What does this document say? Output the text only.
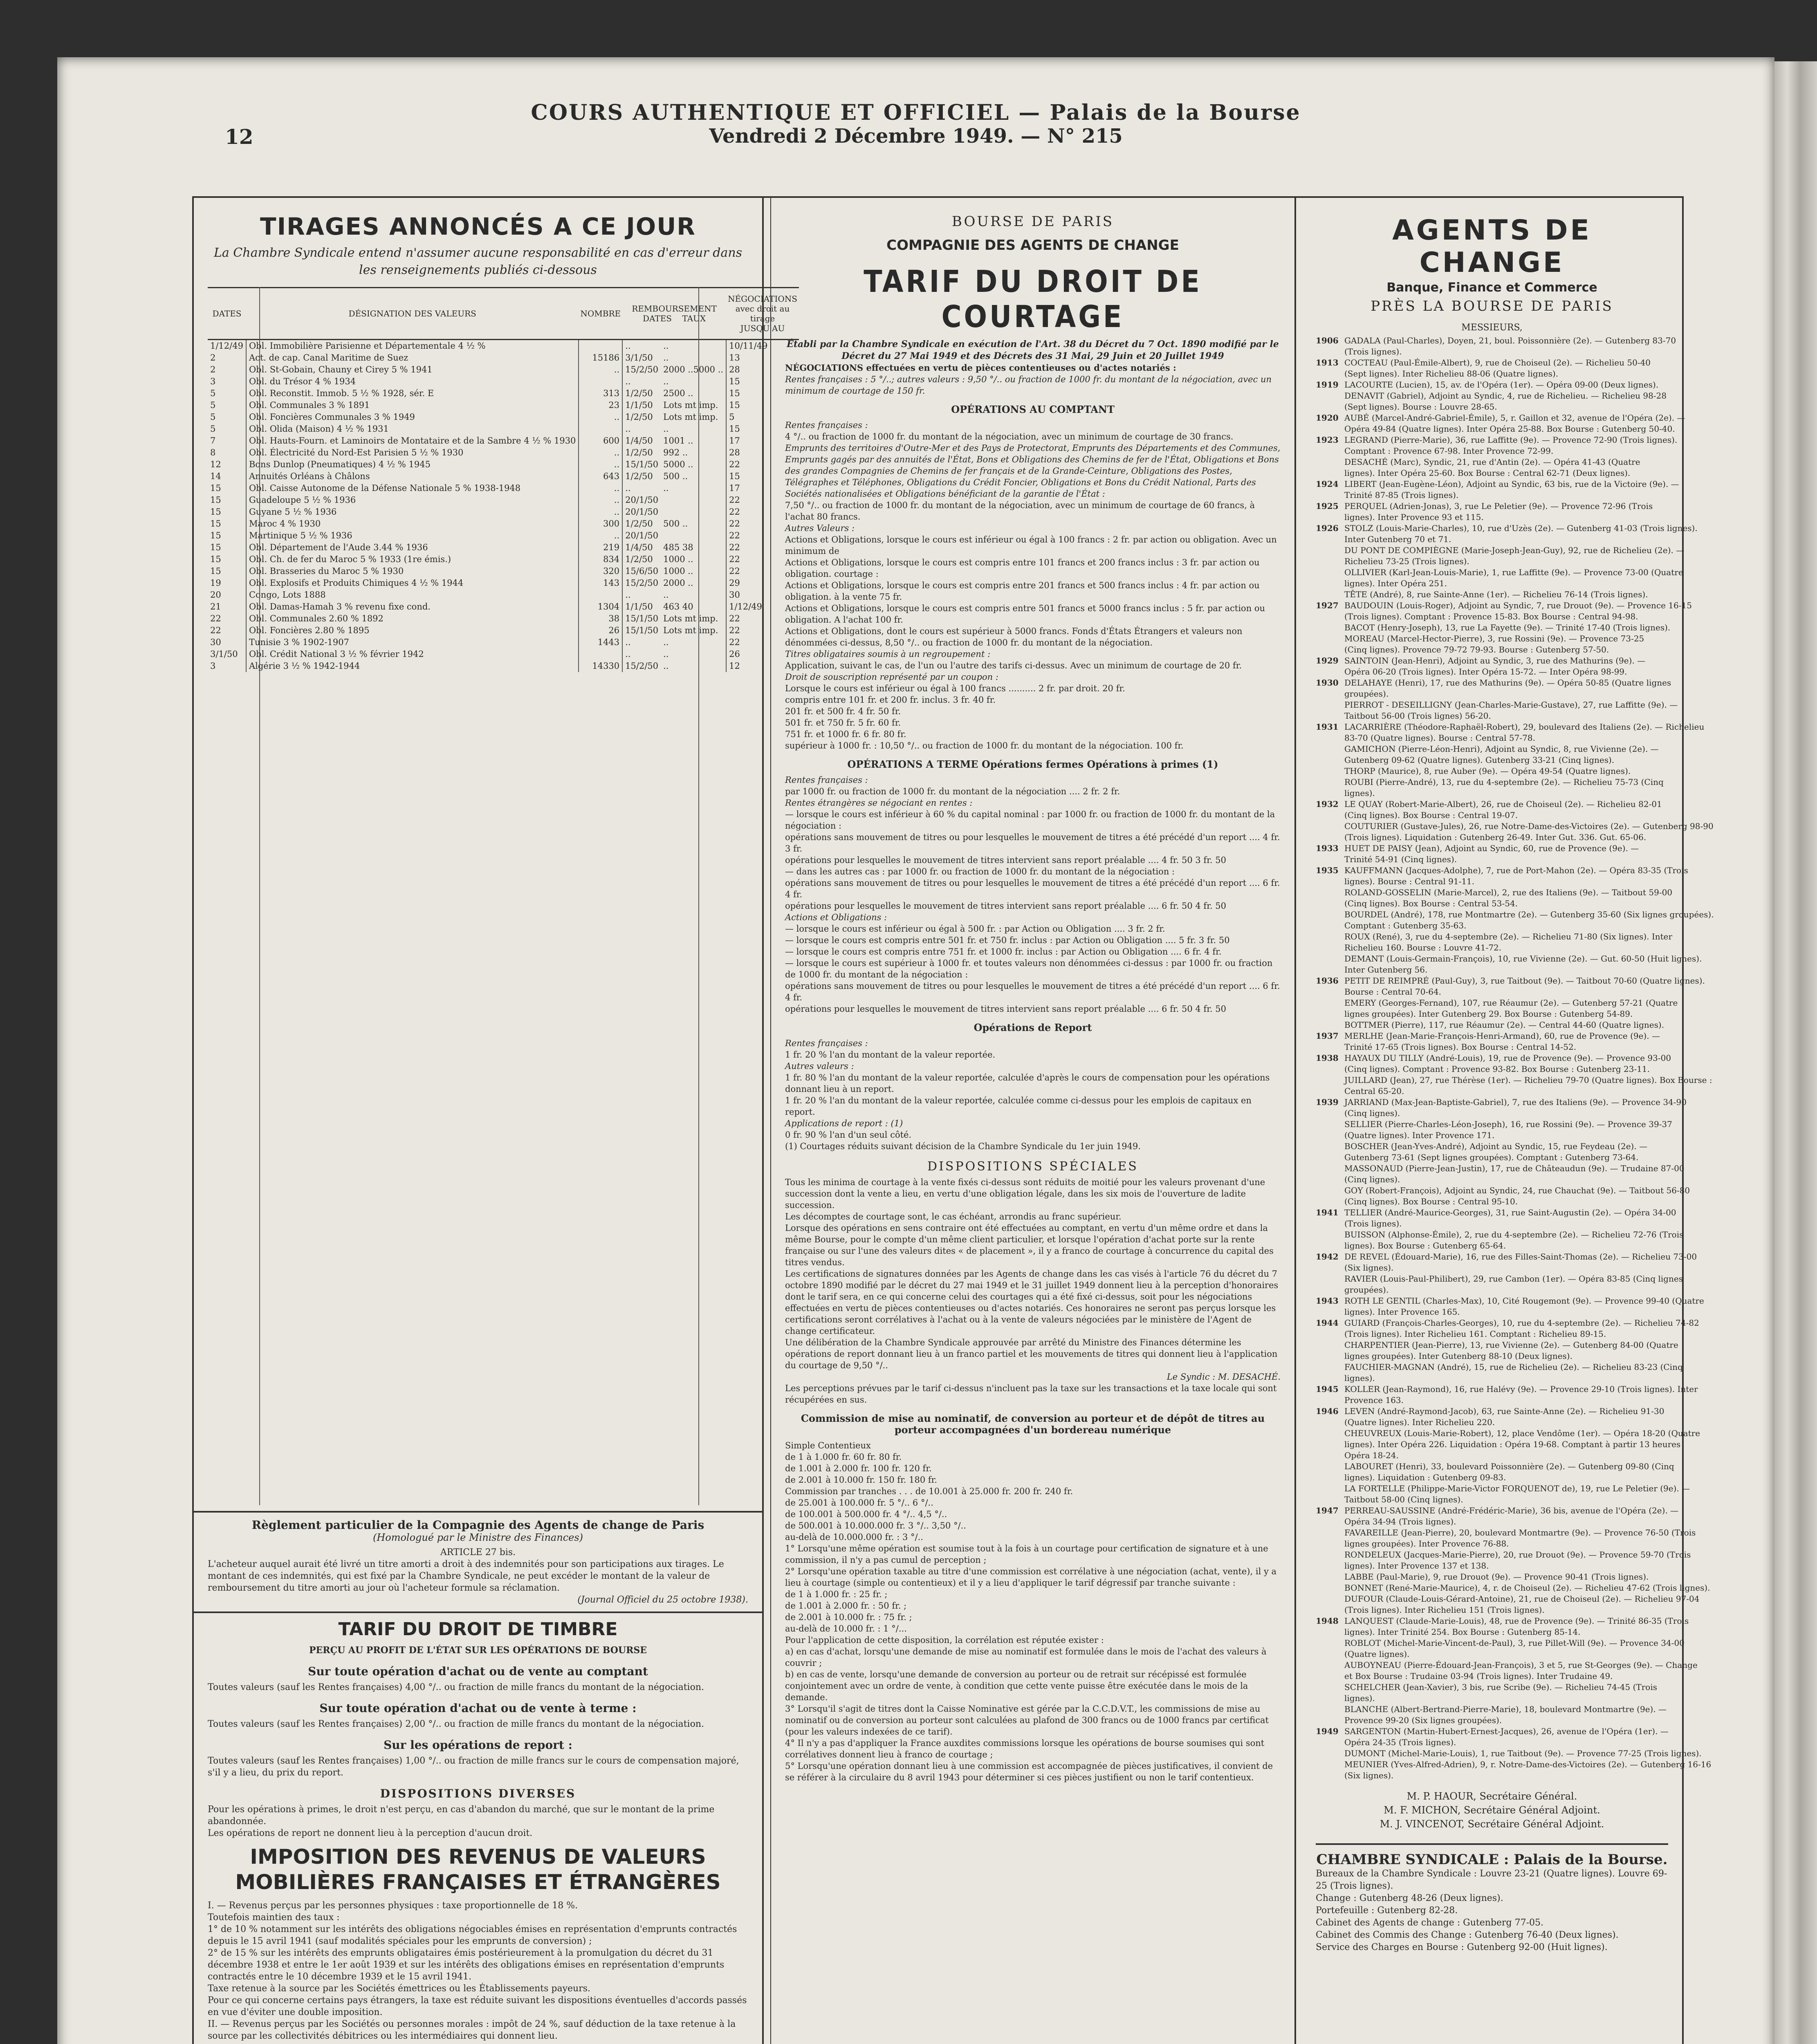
12
COURS AUTHENTIQUE ET OFFICIEL — Palais de la Bourse
Vendredi 2 Décembre 1949. — N° 215
TIRAGES ANNONCÉS A CE JOUR
La Chambre Syndicale entend n'assumer aucune responsabilité en cas d'erreur dans les renseignements publiés ci-dessous
DATES	DÉSIGNATION DES VALEURS	NOMBRE	REMBOURSEMENT
DATES TAUX		NÉGOCIATIONS avec droit au tirage JUSQU'AU
1/12/49	Obl. Immobilière Parisienne et Départementale 4 ½ %		..	..	10/11/49
2	Act. de cap. Canal Maritime de Suez	15186	3/1/50	..	13
2	Obl. St-Gobain, Chauny et Cirey 5 % 1941	..	15/2/50	2000 ..5000 ..	28
3	Obl. du Trésor 4 % 1934		..	..	15
5	Obl. Reconstit. Immob. 5 ½ % 1928, sér. E	313	1/2/50	2500 ..	15
5	Obl. Communales 3 % 1891	23	1/1/50	Lots mt imp.	15
5	Obl. Foncières Communales 3 % 1949	..	1/2/50	Lots mt imp.	5
5	Obl. Olida (Maison) 4 ½ % 1931		..	..	15
7	Obl. Hauts-Fourn. et Laminoirs de Montataire et de la Sambre 4 ½ % 1930	600	1/4/50	1001 ..	17
8	Obl. Électricité du Nord-Est Parisien 5 ½ % 1930	..	1/2/50	992 ..	28
12	Bons Dunlop (Pneumatiques) 4 ½ % 1945	..	15/1/50	5000 ..	22
14	Annuités Orléans à Châlons	643	1/2/50	500 ..	15
15	Obl. Caisse Autonome de la Défense Nationale 5 % 1938-1948	..	..	..	17
15	Guadeloupe 5 ½ % 1936	..	20/1/50		22
15	Guyane 5 ½ % 1936	..	20/1/50		22
15	Maroc 4 % 1930	300	1/2/50	500 ..	22
15	Martinique 5 ½ % 1936	..	20/1/50		22
15	Obl. Département de l'Aude 3.44 % 1936	219	1/4/50	485 38	22
15	Obl. Ch. de fer du Maroc 5 % 1933 (1re émis.)	834	1/2/50	1000 ..	22
15	Obl. Brasseries du Maroc 5 % 1930	320	15/6/50	1000 ..	22
19	Obl. Explosifs et Produits Chimiques 4 ½ % 1944	143	15/2/50	2000 ..	29
20	Congo, Lots 1888		..	..	30
21	Obl. Damas-Hamah 3 % revenu fixe cond.	1304	1/1/50	463 40	1/12/49
22	Obl. Communales 2.60 % 1892	38	15/1/50	Lots mt imp.	22
22	Obl. Foncières 2.80 % 1895	26	15/1/50	Lots mt imp.	22
30	Tunisie 3 % 1902-1907	1443	..	..	22
3/1/50	Obl. Crédit National 3 ½ % février 1942		..	..	26
3	Algérie 3 ½ % 1942-1944	14330	15/2/50	..	12
Règlement particulier de la Compagnie des Agents de change de Paris
(Homologué par le Ministre des Finances)
ARTICLE 27 bis.
L'acheteur auquel aurait été livré un titre amorti a droit à des indemnités pour son participations aux tirages. Le montant de ces indemnités, qui est fixé par la Chambre Syndicale, ne peut excéder le montant de la valeur de remboursement du titre amorti au jour où l'acheteur formule sa réclamation.
(Journal Officiel du 25 octobre 1938).
TARIF DU DROIT DE TIMBRE
PERÇU AU PROFIT DE L'ÉTAT SUR LES OPÉRATIONS DE BOURSE
Sur toute opération d'achat ou de vente au comptant
Toutes valeurs (sauf les Rentes françaises) 4,00 °/.. ou fraction de mille francs du montant de la négociation.
Sur toute opération d'achat ou de vente à terme :
Toutes valeurs (sauf les Rentes françaises) 2,00 °/.. ou fraction de mille francs du montant de la négociation.
Sur les opérations de report :
Toutes valeurs (sauf les Rentes françaises) 1,00 °/.. ou fraction de mille francs sur le cours de compensation majoré, s'il y a lieu, du prix du report.
DISPOSITIONS DIVERSES
Pour les opérations à primes, le droit n'est perçu, en cas d'abandon du marché, que sur le montant de la prime abandonnée.
Les opérations de report ne donnent lieu à la perception d'aucun droit.
IMPOSITION DES REVENUS DE VALEURS MOBILIÈRES FRANÇAISES ET ÉTRANGÈRES
I. — Revenus perçus par les personnes physiques : taxe proportionnelle de 18 %.
Toutefois maintien des taux :
1° de 10 % notamment sur les intérêts des obligations négociables émises en représentation d'emprunts contractés depuis le 15 avril 1941 (sauf modalités spéciales pour les emprunts de conversion) ;
2° de 15 % sur les intérêts des emprunts obligataires émis postérieurement à la promulgation du décret du 31 décembre 1938 et entre le 1er août 1939 et sur les intérêts des obligations émises en représentation d'emprunts contractés entre le 10 décembre 1939 et le 15 avril 1941.
Taxe retenue à la source par les Sociétés émettrices ou les Établissements payeurs.
Pour ce qui concerne certains pays étrangers, la taxe est réduite suivant les dispositions éventuelles d'accords passés en vue d'éviter une double imposition.
II. — Revenus perçus par les Sociétés ou personnes morales : impôt de 24 %, sauf déduction de la taxe retenue à la source par les collectivités débitrices ou les intermédiaires qui donnent lieu.
BOURSE DE PARIS
COMPAGNIE DES AGENTS DE CHANGE
TARIF DU DROIT DE COURTAGE
Établi par la Chambre Syndicale en exécution de l'Art. 38 du Décret du 7 Oct. 1890 modifié par le Décret du 27 Mai 1949 et des Décrets des 31 Mai, 29 Juin et 20 Juillet 1949

NÉGOCIATIONS effectuées en vertu de pièces contentieuses ou d'actes notariés :

Rentes françaises : 5 °/..; autres valeurs : 9,50 °/.. ou fraction de 1000 fr. du montant de la négociation, avec un minimum de courtage de 150 fr.

OPÉRATIONS AU COMPTANT

Rentes françaises :

4 °/.. ou fraction de 1000 fr. du montant de la négociation, avec un minimum de courtage de 30 francs.

Emprunts des territoires d'Outre-Mer et des Pays de Protectorat, Emprunts des Départements et des Communes, Emprunts gagés par des annuités de l'État, Bons et Obligations des Chemins de fer de l'État, Obligations et Bons des grandes Compagnies de Chemins de fer français et de la Grande-Ceinture, Obligations des Postes, Télégraphes et Téléphones, Obligations du Crédit Foncier, Obligations et Bons du Crédit National, Parts des Sociétés nationalisées et Obligations bénéficiant de la garantie de l'État :

7,50 °/.. ou fraction de 1000 fr. du montant de la négociation, avec un minimum de courtage de 60 francs, à l'achat 80 francs.

Autres Valeurs :

Actions et Obligations, lorsque le cours est inférieur ou égal à 100 francs : 2 fr. par action ou obligation. Avec un minimum de

Actions et Obligations, lorsque le cours est compris entre 101 francs et 200 francs inclus : 3 fr. par action ou obligation. courtage :

Actions et Obligations, lorsque le cours est compris entre 201 francs et 500 francs inclus : 4 fr. par action ou obligation. à la vente 75 fr.

Actions et Obligations, lorsque le cours est compris entre 501 francs et 5000 francs inclus : 5 fr. par action ou obligation. A l'achat 100 fr.

Actions et Obligations, dont le cours est supérieur à 5000 francs. Fonds d'États Étrangers et valeurs non dénommées ci-dessus, 8,50 °/.. ou fraction de 1000 fr. du montant de la négociation.

Titres obligataires soumis à un regroupement :

Application, suivant le cas, de l'un ou l'autre des tarifs ci-dessus. Avec un minimum de courtage de 20 fr.

Droit de souscription représenté par un coupon :

Lorsque le cours est inférieur ou égal à 100 francs .......... 2 fr. par droit. 20 fr.

compris entre 101 fr. et 200 fr. inclus. 3 fr. 40 fr.

201 fr. et 500 fr. 4 fr. 50 fr.

501 fr. et 750 fr. 5 fr. 60 fr.

751 fr. et 1000 fr. 6 fr. 80 fr.

supérieur à 1000 fr. : 10,50 °/.. ou fraction de 1000 fr. du montant de la négociation. 100 fr.

OPÉRATIONS A TERME Opérations fermes Opérations à primes (1)

Rentes françaises :

par 1000 fr. ou fraction de 1000 fr. du montant de la négociation .... 2 fr. 2 fr.

Rentes étrangères se négociant en rentes :

— lorsque le cours est inférieur à 60 % du capital nominal : par 1000 fr. ou fraction de 1000 fr. du montant de la négociation :

opérations sans mouvement de titres ou pour lesquelles le mouvement de titres a été précédé d'un report .... 4 fr. 3 fr.

opérations pour lesquelles le mouvement de titres intervient sans report préalable .... 4 fr. 50 3 fr. 50

— dans les autres cas : par 1000 fr. ou fraction de 1000 fr. du montant de la négociation :

opérations sans mouvement de titres ou pour lesquelles le mouvement de titres a été précédé d'un report .... 6 fr. 4 fr.

opérations pour lesquelles le mouvement de titres intervient sans report préalable .... 6 fr. 50 4 fr. 50

Actions et Obligations :

— lorsque le cours est inférieur ou égal à 500 fr. : par Action ou Obligation .... 3 fr. 2 fr.

— lorsque le cours est compris entre 501 fr. et 750 fr. inclus : par Action ou Obligation .... 5 fr. 3 fr. 50

— lorsque le cours est compris entre 751 fr. et 1000 fr. inclus : par Action ou Obligation .... 6 fr. 4 fr.

— lorsque le cours est supérieur à 1000 fr. et toutes valeurs non dénommées ci-dessus : par 1000 fr. ou fraction de 1000 fr. du montant de la négociation :

opérations sans mouvement de titres ou pour lesquelles le mouvement de titres a été précédé d'un report .... 6 fr. 4 fr.

opérations pour lesquelles le mouvement de titres intervient sans report préalable .... 6 fr. 50 4 fr. 50

Opérations de Report

Rentes françaises :

1 fr. 20 % l'an du montant de la valeur reportée.

Autres valeurs :

1 fr. 80 % l'an du montant de la valeur reportée, calculée d'après le cours de compensation pour les opérations donnant lieu à un report.

1 fr. 20 % l'an du montant de la valeur reportée, calculée comme ci-dessus pour les emplois de capitaux en report.

Applications de report : (1)

0 fr. 90 % l'an d'un seul côté.

(1) Courtages réduits suivant décision de la Chambre Syndicale du 1er juin 1949.

DISPOSITIONS SPÉCIALES

Tous les minima de courtage à la vente fixés ci-dessus sont réduits de moitié pour les valeurs provenant d'une succession dont la vente a lieu, en vertu d'une obligation légale, dans les six mois de l'ouverture de ladite succession.

Les décomptes de courtage sont, le cas échéant, arrondis au franc supérieur.

Lorsque des opérations en sens contraire ont été effectuées au comptant, en vertu d'un même ordre et dans la même Bourse, pour le compte d'un même client particulier, et lorsque l'opération d'achat porte sur la rente française ou sur l'une des valeurs dites « de placement », il y a franco de courtage à concurrence du capital des titres vendus.

Les certifications de signatures données par les Agents de change dans les cas visés à l'article 76 du décret du 7 octobre 1890 modifié par le décret du 27 mai 1949 et le 31 juillet 1949 donnent lieu à la perception d'honoraires dont le tarif sera, en ce qui concerne celui des courtages qui a été fixé ci-dessus, soit pour les négociations effectuées en vertu de pièces contentieuses ou d'actes notariés. Ces honoraires ne seront pas perçus lorsque les certifications seront corrélatives à l'achat ou à la vente de valeurs négociées par le ministère de l'Agent de change certificateur.

Une délibération de la Chambre Syndicale approuvée par arrêté du Ministre des Finances détermine les opérations de report donnant lieu à un franco partiel et les mouvements de titres qui donnent lieu à l'application du courtage de 9,50 °/..

Le Syndic : M. DESACHÉ.

Les perceptions prévues par le tarif ci-dessus n'incluent pas la taxe sur les transactions et la taxe locale qui sont récupérées en sus.

Commission de mise au nominatif, de conversion au porteur et de dépôt de titres au porteur accompagnées d'un bordereau numérique

Simple Contentieux

de 1 à 1.000 fr. 60 fr. 80 fr.

de 1.001 à 2.000 fr. 100 fr. 120 fr.

de 2.001 à 10.000 fr. 150 fr. 180 fr.

Commission par tranches . . . de 10.001 à 25.000 fr. 200 fr. 240 fr.

de 25.001 à 100.000 fr. 5 °/.. 6 °/..

de 100.001 à 500.000 fr. 4 °/.. 4,5 °/..

de 500.001 à 10.000.000 fr. 3 °/.. 3,50 °/..

au-delà de 10.000.000 fr. : 3 °/..

1° Lorsqu'une même opération est soumise tout à la fois à un courtage pour certification de signature et à une commission, il n'y a pas cumul de perception ;

2° Lorsqu'une opération taxable au titre d'une commission est corrélative à une négociation (achat, vente), il y a lieu à courtage (simple ou contentieux) et il y a lieu d'appliquer le tarif dégressif par tranche suivante :

de 1 à 1.000 fr. : 25 fr. ;

de 1.001 à 2.000 fr. : 50 fr. ;

de 2.001 à 10.000 fr. : 75 fr. ;

au-delà de 10.000 fr. : 1 °/...

Pour l'application de cette disposition, la corrélation est réputée exister :

a) en cas d'achat, lorsqu'une demande de mise au nominatif est formulée dans le mois de l'achat des valeurs à couvrir ;

b) en cas de vente, lorsqu'une demande de conversion au porteur ou de retrait sur récépissé est formulée conjointement avec un ordre de vente, à condition que cette vente puisse être exécutée dans le mois de la demande.

3° Lorsqu'il s'agit de titres dont la Caisse Nominative est gérée par la C.C.D.V.T., les commissions de mise au nominatif ou de conversion au porteur sont calculées au plafond de 300 francs ou de 1000 francs par certificat (pour les valeurs indexées de ce tarif).

4° Il n'y a pas d'appliquer la France auxdites commissions lorsque les opérations de bourse soumises qui sont corrélatives donnent lieu à franco de courtage ;

5° Lorsqu'une opération donnant lieu à une commission est accompagnée de pièces justificatives, il convient de se référer à la circulaire du 8 avril 1943 pour déterminer si ces pièces justifient ou non le tarif contentieux.

AGENTS DE CHANGE
Banque, Finance et Commerce
PRÈS LA BOURSE DE PARIS
MESSIEURS,
1906 GADALA (Paul-Charles), Doyen, 21, boul. Poissonnière (2e). — Gutenberg 83-70
(Trois lignes).
1913 COCTEAU (Paul-Émile-Albert), 9, rue de Choiseul (2e). — Richelieu 50-40
(Sept lignes). Inter Richelieu 88-06 (Quatre lignes).
1919 LACOURTE (Lucien), 15, av. de l'Opéra (1er). — Opéra 09-00 (Deux lignes).
DENAVIT (Gabriel), Adjoint au Syndic, 4, rue de Richelieu. — Richelieu 98-28
(Sept lignes). Bourse : Louvre 28-65.
1920 AUBÉ (Marcel-André-Gabriel-Émile), 5, r. Gaillon et 32, avenue de l'Opéra (2e). —
Opéra 49-84 (Quatre lignes). Inter Opéra 25-88. Box Bourse : Gutenberg 50-40.
1923 LEGRAND (Pierre-Marie), 36, rue Laffitte (9e). — Provence 72-90 (Trois lignes).
Comptant : Provence 67-98. Inter Provence 72-99.
DESACHÉ (Marc), Syndic, 21, rue d'Antin (2e). — Opéra 41-43 (Quatre
lignes). Inter Opéra 25-60. Box Bourse : Central 62-71 (Deux lignes).
1924 LIBERT (Jean-Eugène-Léon), Adjoint au Syndic, 63 bis, rue de la Victoire (9e). —
Trinité 87-85 (Trois lignes).
1925 PERQUEL (Adrien-Jonas), 3, rue Le Peletier (9e). — Provence 72-96 (Trois
lignes). Inter Provence 93 et 115.
1926 STOLZ (Louis-Marie-Charles), 10, rue d'Uzès (2e). — Gutenberg 41-03 (Trois lignes).
Inter Gutenberg 70 et 71.
DU PONT DE COMPIÈGNE (Marie-Joseph-Jean-Guy), 92, rue de Richelieu (2e). —
Richelieu 73-25 (Trois lignes).
OLLIVIER (Karl-Jean-Louis-Marie), 1, rue Laffitte (9e). — Provence 73-00 (Quatre
lignes). Inter Opéra 251.
TÊTE (André), 8, rue Sainte-Anne (1er). — Richelieu 76-14 (Trois lignes).
1927 BAUDOUIN (Louis-Roger), Adjoint au Syndic, 7, rue Drouot (9e). — Provence 16-15
(Trois lignes). Comptant : Provence 15-83. Box Bourse : Central 94-98.
BACOT (Henry-Joseph), 13, rue La Fayette (9e). — Trinité 17-40 (Trois lignes).
MOREAU (Marcel-Hector-Pierre), 3, rue Rossini (9e). — Provence 73-25
(Cinq lignes). Provence 79-72 79-93. Bourse : Gutenberg 57-50.
1929 SAINTOIN (Jean-Henri), Adjoint au Syndic, 3, rue des Mathurins (9e). —
Opéra 06-20 (Trois lignes). Inter Opéra 15-72. — Inter Opéra 98-99.
1930 DELAHAYE (Henri), 17, rue des Mathurins (9e). — Opéra 50-85 (Quatre lignes
groupées).
PIERROT - DESEILLIGNY (Jean-Charles-Marie-Gustave), 27, rue Laffitte (9e). —
Taitbout 56-00 (Trois lignes) 56-20.
1931 LACARRIÈRE (Théodore-Raphaël-Robert), 29, boulevard des Italiens (2e). — Richelieu
83-70 (Quatre lignes). Bourse : Central 57-78.
GAMICHON (Pierre-Léon-Henri), Adjoint au Syndic, 8, rue Vivienne (2e). —
Gutenberg 09-62 (Quatre lignes). Gutenberg 33-21 (Cinq lignes).
THORP (Maurice), 8, rue Auber (9e). — Opéra 49-54 (Quatre lignes).
ROUBI (Pierre-André), 13, rue du 4-septembre (2e). — Richelieu 75-73 (Cinq
lignes).
1932 LE QUAY (Robert-Marie-Albert), 26, rue de Choiseul (2e). — Richelieu 82-01
(Cinq lignes). Box Bourse : Central 19-07.
COUTURIER (Gustave-Jules), 26, rue Notre-Dame-des-Victoires (2e). — Gutenberg 98-90
(Trois lignes). Liquidation : Gutenberg 26-49. Inter Gut. 336. Gut. 65-06.
1933 HUET DE PAISY (Jean), Adjoint au Syndic, 60, rue de Provence (9e). —
Trinité 54-91 (Cinq lignes).
1935 KAUFFMANN (Jacques-Adolphe), 7, rue de Port-Mahon (2e). — Opéra 83-35 (Trois
lignes). Bourse : Central 91-11.
ROLAND-GOSSELIN (Marie-Marcel), 2, rue des Italiens (9e). — Taitbout 59-00
(Cinq lignes). Box Bourse : Central 53-54.
BOURDEL (André), 178, rue Montmartre (2e). — Gutenberg 35-60 (Six lignes groupées).
Comptant : Gutenberg 35-63.
ROUX (René), 3, rue du 4-septembre (2e). — Richelieu 71-80 (Six lignes). Inter
Richelieu 160. Bourse : Louvre 41-72.
DEMANT (Louis-Germain-François), 10, rue Vivienne (2e). — Gut. 60-50 (Huit lignes).
Inter Gutenberg 56.
1936 PETIT DE REIMPRÉ (Paul-Guy), 3, rue Taitbout (9e). — Taitbout 70-60 (Quatre lignes).
Bourse : Central 70-64.
EMERY (Georges-Fernand), 107, rue Réaumur (2e). — Gutenberg 57-21 (Quatre
lignes groupées). Inter Gutenberg 29. Box Bourse : Gutenberg 54-89.
BOTTMER (Pierre), 117, rue Réaumur (2e). — Central 44-60 (Quatre lignes).
1937 MERLHE (Jean-Marie-François-Henri-Armand), 60, rue de Provence (9e). —
Trinité 17-65 (Trois lignes). Box Bourse : Central 14-52.
1938 HAYAUX DU TILLY (André-Louis), 19, rue de Provence (9e). — Provence 93-00
(Cinq lignes). Comptant : Provence 93-82. Box Bourse : Gutenberg 23-11.
JUILLARD (Jean), 27, rue Thérèse (1er). — Richelieu 79-70 (Quatre lignes). Box Bourse :
Central 65-20.
1939 JARRIAND (Max-Jean-Baptiste-Gabriel), 7, rue des Italiens (9e). — Provence 34-90
(Cinq lignes).
SELLIER (Pierre-Charles-Léon-Joseph), 16, rue Rossini (9e). — Provence 39-37
(Quatre lignes). Inter Provence 171.
BOSCHER (Jean-Yves-André), Adjoint au Syndic, 15, rue Feydeau (2e). —
Gutenberg 73-61 (Sept lignes groupées). Comptant : Gutenberg 73-64.
MASSONAUD (Pierre-Jean-Justin), 17, rue de Châteaudun (9e). — Trudaine 87-00
(Cinq lignes).
GOY (Robert-François), Adjoint au Syndic, 24, rue Chauchat (9e). — Taitbout 56-80
(Cinq lignes). Box Bourse : Central 95-10.
1941 TELLIER (André-Maurice-Georges), 31, rue Saint-Augustin (2e). — Opéra 34-00
(Trois lignes).
BUISSON (Alphonse-Émile), 2, rue du 4-septembre (2e). — Richelieu 72-76 (Trois
lignes). Box Bourse : Gutenberg 65-64.
1942 DE REVEL (Édouard-Marie), 16, rue des Filles-Saint-Thomas (2e). — Richelieu 73-00
(Six lignes).
RAVIER (Louis-Paul-Philibert), 29, rue Cambon (1er). — Opéra 83-85 (Cinq lignes
groupées).
1943 ROTH LE GENTIL (Charles-Max), 10, Cité Rougemont (9e). — Provence 99-40 (Quatre
lignes). Inter Provence 165.
1944 GUIARD (François-Charles-Georges), 10, rue du 4-septembre (2e). — Richelieu 74-82
(Trois lignes). Inter Richelieu 161. Comptant : Richelieu 89-15.
CHARPENTIER (Jean-Pierre), 13, rue Vivienne (2e). — Gutenberg 84-00 (Quatre
lignes groupées). Inter Gutenberg 88-10 (Deux lignes).
FAUCHIER-MAGNAN (André), 15, rue de Richelieu (2e). — Richelieu 83-23 (Cinq
lignes).
1945 KOLLER (Jean-Raymond), 16, rue Halévy (9e). — Provence 29-10 (Trois lignes). Inter
Provence 163.
1946 LEVEN (André-Raymond-Jacob), 63, rue Sainte-Anne (2e). — Richelieu 91-30
(Quatre lignes). Inter Richelieu 220.
CHEUVREUX (Louis-Marie-Robert), 12, place Vendôme (1er). — Opéra 18-20 (Quatre
lignes). Inter Opéra 226. Liquidation : Opéra 19-68. Comptant à partir 13 heures
Opéra 18-24.
LABOURET (Henri), 33, boulevard Poissonnière (2e). — Gutenberg 09-80 (Cinq
lignes). Liquidation : Gutenberg 09-83.
LA FORTELLE (Philippe-Marie-Victor FORQUENOT de), 19, rue Le Peletier (9e). —
Taitbout 58-00 (Cinq lignes).
1947 PERREAU-SAUSSINE (André-Frédéric-Marie), 36 bis, avenue de l'Opéra (2e). —
Opéra 34-94 (Trois lignes).
FAVAREILLE (Jean-Pierre), 20, boulevard Montmartre (9e). — Provence 76-50 (Trois
lignes groupées). Inter Provence 76-88.
RONDELEUX (Jacques-Marie-Pierre), 20, rue Drouot (9e). — Provence 59-70 (Trois
lignes). Inter Provence 137 et 138.
LABBE (Paul-Marie), 9, rue Drouot (9e). — Provence 90-41 (Trois lignes).
BONNET (René-Marie-Maurice), 4, r. de Choiseul (2e). — Richelieu 47-62 (Trois lignes).
DUFOUR (Claude-Louis-Gérard-Antoine), 21, rue de Choiseul (2e). — Richelieu 97-04
(Trois lignes). Inter Richelieu 151 (Trois lignes).
1948 LANQUEST (Claude-Marie-Louis), 48, rue de Provence (9e). — Trinité 86-35 (Trois
lignes). Inter Trinité 254. Box Bourse : Gutenberg 85-14.
ROBLOT (Michel-Marie-Vincent-de-Paul), 3, rue Pillet-Will (9e). — Provence 34-00
(Quatre lignes).
AUBOYNEAU (Pierre-Édouard-Jean-François), 3 et 5, rue St-Georges (9e). — Change
et Box Bourse : Trudaine 03-94 (Trois lignes). Inter Trudaine 49.
SCHELCHER (Jean-Xavier), 3 bis, rue Scribe (9e). — Richelieu 74-45 (Trois
lignes).
BLANCHE (Albert-Bertrand-Pierre-Marie), 18, boulevard Montmartre (9e). —
Provence 99-20 (Six lignes groupées).
1949 SARGENTON (Martin-Hubert-Ernest-Jacques), 26, avenue de l'Opéra (1er). —
Opéra 24-35 (Trois lignes).
DUMONT (Michel-Marie-Louis), 1, rue Taitbout (9e). — Provence 77-25 (Trois lignes).
MEUNIER (Yves-Alfred-Adrien), 9, r. Notre-Dame-des-Victoires (2e). — Gutenberg 16-16
(Six lignes).
M. P. HAOUR, Secrétaire Général.
M. F. MICHON, Secrétaire Général Adjoint.
M. J. VINCENOT, Secrétaire Général Adjoint.
CHAMBRE SYNDICALE : Palais de la Bourse.
Bureaux de la Chambre Syndicale : Louvre 23-21 (Quatre lignes). Louvre 69-25 (Trois lignes).
Change : Gutenberg 48-26 (Deux lignes).
Portefeuille : Gutenberg 82-28.
Cabinet des Agents de change : Gutenberg 77-05.
Cabinet des Commis des Change : Gutenberg 76-40 (Deux lignes).
Service des Charges en Bourse : Gutenberg 92-00 (Huit lignes).
